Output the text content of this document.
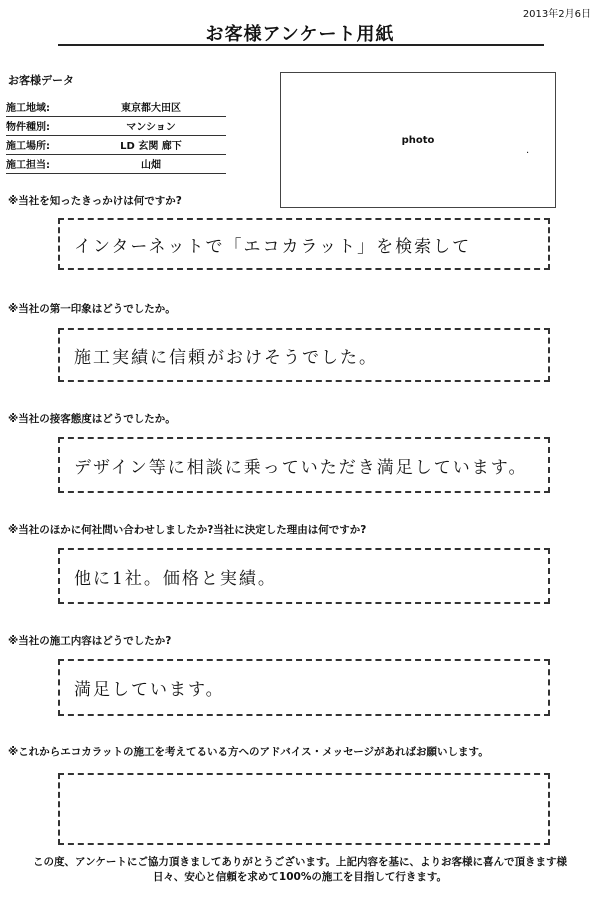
2013年2月6日
お客様アンケート用紙
お客様データ
施工地域:	東京都大田区
物件種別:	マンション
施工場所:	LD 玄関 廊下
施工担当:	山畑
photo
·
※当社を知ったきっかけは何ですか?
インターネットで「エコカラット」を検索して
※当社の第一印象はどうでしたか。
施工実績に信頼がおけそうでした。
※当社の接客態度はどうでしたか。
デザイン等に相談に乗っていただき満足しています。
※当社のほかに何社問い合わせしましたか?当社に決定した理由は何ですか?
他に1社。価格と実績。
※当社の施工内容はどうでしたか?
満足しています。
※これからエコカラットの施工を考えてるいる方へのアドバイス・メッセージがあればお願いします。
この度、アンケートにご協力頂きましてありがとうございます。上記内容を基に、よりお客様に喜んで頂きます様
日々、安心と信頼を求めて100%の施工を目指して行きます。
